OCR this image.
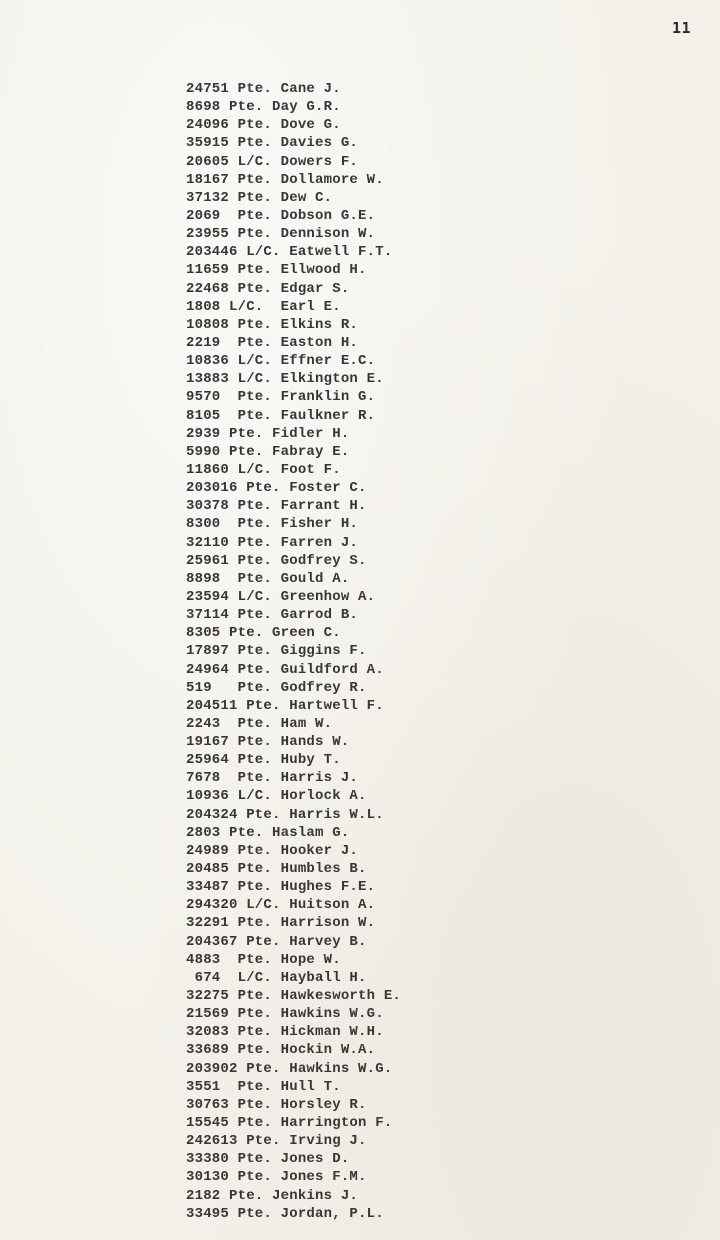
11
24751 Pte. Cane J.
8698 Pte. Day G.R.
24096 Pte. Dove G.
35915 Pte. Davies G.
20605 L/C. Dowers F.
18167 Pte. Dollamore W.
37132 Pte. Dew C.
2069  Pte. Dobson G.E.
23955 Pte. Dennison W.
203446 L/C. Eatwell F.T.
11659 Pte. Ellwood H.
22468 Pte. Edgar S.
1808 L/C.  Earl E.
10808 Pte. Elkins R.
2219  Pte. Easton H.
10836 L/C. Effner E.C.
13883 L/C. Elkington E.
9570  Pte. Franklin G.
8105  Pte. Faulkner R.
2939 Pte. Fidler H.
5990 Pte. Fabray E.
11860 L/C. Foot F.
203016 Pte. Foster C.
30378 Pte. Farrant H.
8300  Pte. Fisher H.
32110 Pte. Farren J.
25961 Pte. Godfrey S.
8898  Pte. Gould A.
23594 L/C. Greenhow A.
37114 Pte. Garrod B.
8305 Pte. Green C.
17897 Pte. Giggins F.
24964 Pte. Guildford A.
519   Pte. Godfrey R.
204511 Pte. Hartwell F.
2243  Pte. Ham W.
19167 Pte. Hands W.
25964 Pte. Huby T.
7678  Pte. Harris J.
10936 L/C. Horlock A.
204324 Pte. Harris W.L.
2803 Pte. Haslam G.
24989 Pte. Hooker J.
20485 Pte. Humbles B.
33487 Pte. Hughes F.E.
294320 L/C. Huitson A.
32291 Pte. Harrison W.
204367 Pte. Harvey B.
4883  Pte. Hope W.
674  L/C. Hayball H.
32275 Pte. Hawkesworth E.
21569 Pte. Hawkins W.G.
32083 Pte. Hickman W.H.
33689 Pte. Hockin W.A.
203902 Pte. Hawkins W.G.
3551  Pte. Hull T.
30763 Pte. Horsley R.
15545 Pte. Harrington F.
242613 Pte. Irving J.
33380 Pte. Jones D.
30130 Pte. Jones F.M.
2182 Pte. Jenkins J.
33495 Pte. Jordan, P.L.
